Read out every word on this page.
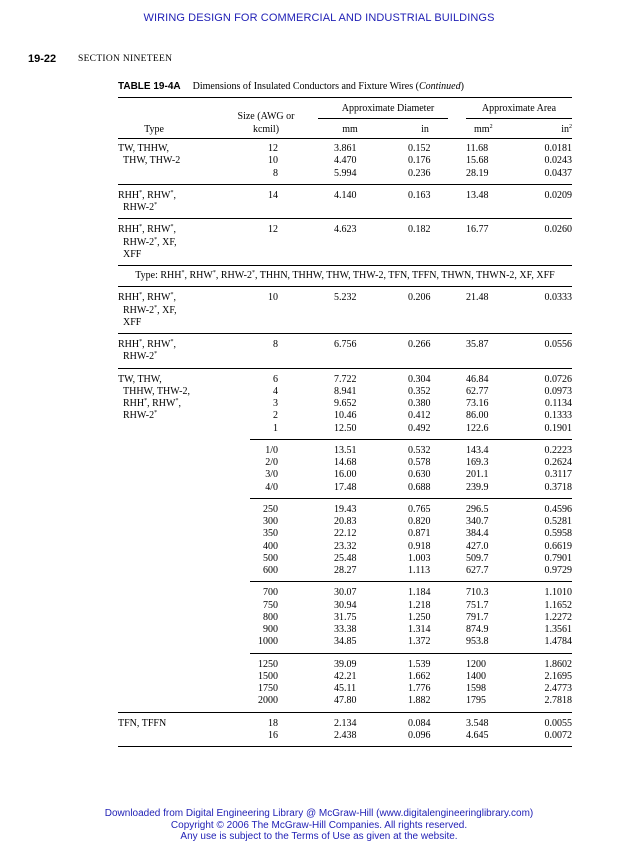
WIRING DESIGN FOR COMMERCIAL AND INDUSTRIAL BUILDINGS
19-22 SECTION NINETEEN
TABLE 19-4A Dimensions of Insulated Conductors and Fixture Wires (Continued)
Approximate Diameter	Approximate Area
Size (AWG or
kcmil)
Type	mm	in	$mm^2$	$in^2$
TW, THHW,
THW, THW-2
12	3.861	0.152	11.68	0.0181
10	4.470	0.176	15.68	0.0243
8	5.994	0.236	28.19	0.0437
RHH*, RHW*,
RHW-2*
14	4.140	0.163	13.48	0.0209
RHH*, RHW*,
RHW-2*, XF,
XFF
12	4.623	0.182	16.77	0.0260
Type: RHH*, RHW*, RHW-2*, THHN, THHW, THW, THW-2, TFN, TFFN, THWN, THWN-2, XF, XFF
RHH*, RHW*,
RHW-2*, XF,
XFF
10	5.232	0.206	21.48	0.0333
RHH*, RHW*,
RHW-2*
8	6.756	0.266	35.87	0.0556
TW, THW,
THHW, THW-2,
RHH*, RHW*,
RHW-2*
6	7.722	0.304	46.84	0.0726
4	8.941	0.352	62.77	0.0973
3	9.652	0.380	73.16	0.1134
2	10.46	0.412	86.00	0.1333
1	12.50	0.492	122.6	0.1901
1/0	13.51	0.532	143.4	0.2223
2/0	14.68	0.578	169.3	0.2624
3/0	16.00	0.630	201.1	0.3117
4/0	17.48	0.688	239.9	0.3718
250	19.43	0.765	296.5	0.4596
300	20.83	0.820	340.7	0.5281
350	22.12	0.871	384.4	0.5958
400	23.32	0.918	427.0	0.6619
500	25.48	1.003	509.7	0.7901
600	28.27	1.113	627.7	0.9729
700	30.07	1.184	710.3	1.1010
750	30.94	1.218	751.7	1.1652
800	31.75	1.250	791.7	1.2272
900	33.38	1.314	874.9	1.3561
1000	34.85	1.372	953.8	1.4784
1250	39.09	1.539	1200	1.8602
1500	42.21	1.662	1400	2.1695
1750	45.11	1.776	1598	2.4773
2000	47.80	1.882	1795	2.7818
TFN, TFFN	18	2.134	0.084	3.548	0.0055
16	2.438	0.096	4.645	0.0072
Downloaded from Digital Engineering Library @ McGraw-Hill (www.digitalengineeringlibrary.com)
Copyright © 2006 The McGraw-Hill Companies. All rights reserved.
Any use is subject to the Terms of Use as given at the website.
